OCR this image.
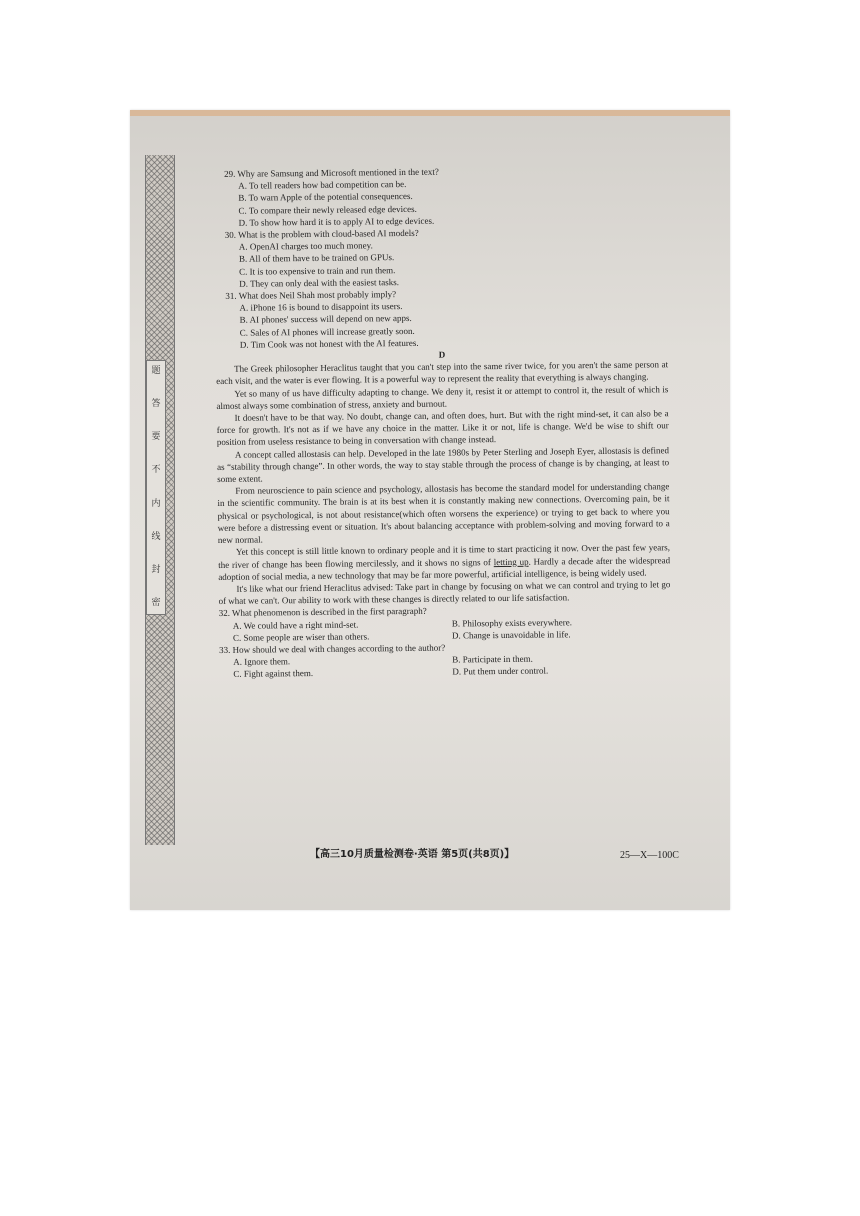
题
答
要
不
内
线
封
密

29. Why are Samsung and Microsoft mentioned in the text?

A. To tell readers how bad competition can be.

B. To warn Apple of the potential consequences.

C. To compare their newly released edge devices.

D. To show how hard it is to apply AI to edge devices.

30. What is the problem with cloud-based AI models?

A. OpenAI charges too much money.

B. All of them have to be trained on GPUs.

C. It is too expensive to train and run them.

D. They can only deal with the easiest tasks.

31. What does Neil Shah most probably imply?

A. iPhone 16 is bound to disappoint its users.

B. AI phones' success will depend on new apps.

C. Sales of AI phones will increase greatly soon.

D. Tim Cook was not honest with the AI features.

D

The Greek philosopher Heraclitus taught that you can't step into the same river twice, for you aren't the same person at each visit, and the water is ever flowing. It is a powerful way to represent the reality that everything is always changing.

Yet so many of us have difficulty adapting to change. We deny it, resist it or attempt to control it, the result of which is almost always some combination of stress, anxiety and burnout.

It doesn't have to be that way. No doubt, change can, and often does, hurt. But with the right mind-set, it can also be a force for growth. It's not as if we have any choice in the matter. Like it or not, life is change. We'd be wise to shift our position from useless resistance to being in conversation with change instead.

A concept called allostasis can help. Developed in the late 1980s by Peter Sterling and Joseph Eyer, allostasis is defined as “stability through change”. In other words, the way to stay stable through the process of change is by changing, at least to some extent.

From neuroscience to pain science and psychology, allostasis has become the standard model for understanding change in the scientific community. The brain is at its best when it is constantly making new connections. Overcoming pain, be it physical or psychological, is not about resistance(which often worsens the experience) or trying to get back to where you were before a distressing event or situation. It's about balancing acceptance with problem-solving and moving forward to a new normal.

Yet this concept is still little known to ordinary people and it is time to start practicing it now. Over the past few years, the river of change has been flowing mercilessly, and it shows no signs of letting up. Hardly a decade after the widespread adoption of social media, a new technology that may be far more powerful, artificial intelligence, is being widely used.

It's like what our friend Heraclitus advised: Take part in change by focusing on what we can control and trying to let go of what we can't. Our ability to work with these changes is directly related to our life satisfaction.

32. What phenomenon is described in the first paragraph?

A. We could have a right mind-set.	B. Philosophy exists everywhere.
C. Some people are wiser than others.	D. Change is unavoidable in life.

33. How should we deal with changes according to the author?

A. Ignore them.	B. Participate in them.
C. Fight against them.	D. Put them under control.
【高三10月质量检测卷·英语 第5页(共8页)】	25—X—100C
